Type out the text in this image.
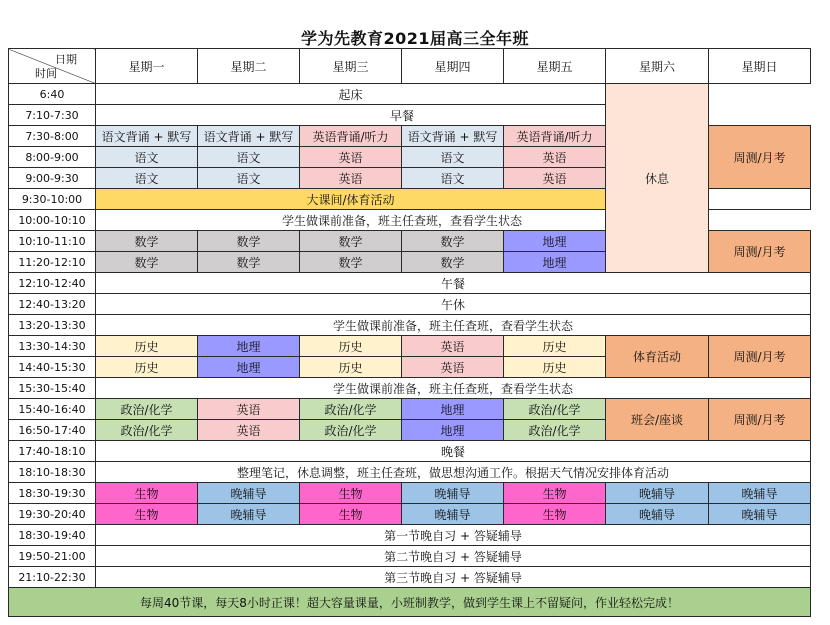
学为先教育2021届高三全年班
日期
时间	星期一	星期二	星期三	星期四	星期五	星期六	星期日
6:40	起床					休息	
7:10-7:30	早餐						
7:30-8:00	语文背诵 + 默写	语文背诵 + 默写	英语背诵/听力	语文背诵 + 默写	英语背诵/听力		周测/月考
8:00-9:00	语文	语文	英语	语文	英语		
9:00-9:30	语文	语文	英语	语文	英语		
9:30-10:00	大课间/体育活动						
10:00-10:10	学生做课前准备，班主任查班，查看学生状态						
10:10-11:10	数学	数学	数学	数学	地理		周测/月考
11:20-12:10	数学	数学	数学	数学	地理		
12:10-12:40	午餐						
12:40-13:20	午休						
13:20-13:30	学生做课前准备，班主任查班，查看学生状态						
13:30-14:30	历史	地理	历史	英语	历史	体育活动	周测/月考
14:40-15:30	历史	地理	历史	英语	历史		
15:30-15:40	学生做课前准备，班主任查班，查看学生状态						
15:40-16:40	政治/化学	英语	政治/化学	地理	政治/化学	班会/座谈	周测/月考
16:50-17:40	政治/化学	英语	政治/化学	地理	政治/化学		
17:40-18:10	晚餐						
18:10-18:30	整理笔记，休息调整，班主任查班，做思想沟通工作。根据天气情况安排体育活动						
18:30-19:30	生物	晚辅导	生物	晚辅导	生物	晚辅导	晚辅导
19:30-20:40	生物	晚辅导	生物	晚辅导	生物	晚辅导	晚辅导
18:30-19:40	第一节晚自习 + 答疑辅导						
19:50-21:00	第二节晚自习 + 答疑辅导						
21:10-22:30	第三节晚自习 + 答疑辅导						
每周40节课，每天8小时正课！超大容量课量，小班制教学，做到学生课上不留疑问，作业轻松完成！							
